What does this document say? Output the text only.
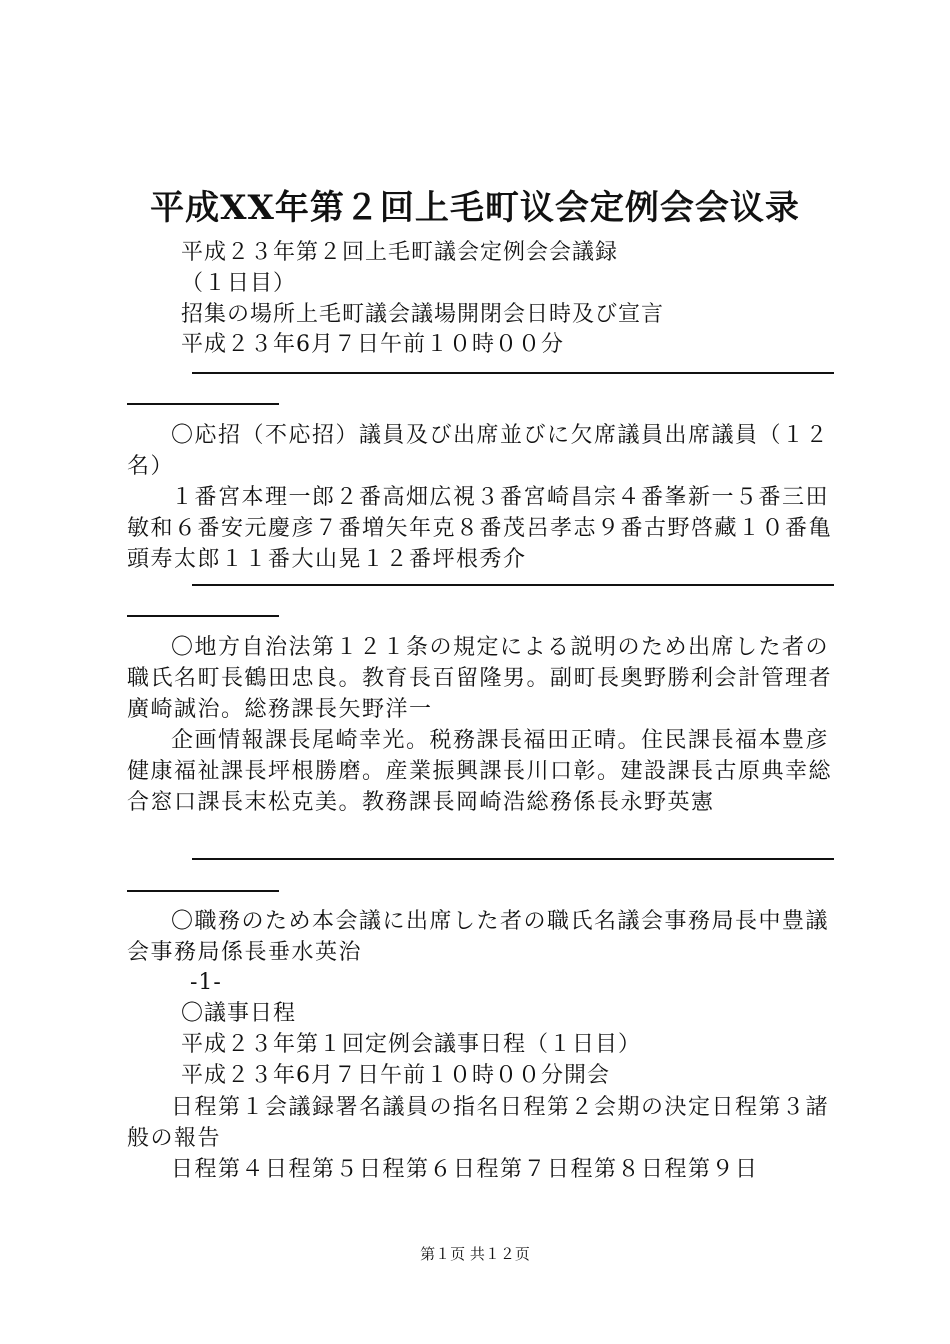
平成XX年第２回上毛町议会定例会会议录
平成２３年第２回上毛町議会定例会会議録
（１日目）
招集の場所上毛町議会議場開閉会日時及び宣言
平成２３年6月７日午前１０時００分
〇応招（不応招）議員及び出席並びに欠席議員出席議員（１２名）
１番宮本理一郎２番高畑広視３番宮崎昌宗４番峯新一５番三田敏和６番安元慶彦７番増矢年克８番茂呂孝志９番古野啓藏１０番亀頭寿太郎１１番大山晃１２番坪根秀介
〇地方自治法第１２１条の規定による説明のため出席した者の職氏名町長鶴田忠良。教育長百留隆男。副町長奥野勝利会計管理者廣崎誠治。総務課長矢野洋一
企画情報課長尾崎幸光。税務課長福田正晴。住民課長福本豊彦健康福祉課長坪根勝磨。産業振興課長川口彰。建設課長古原典幸総合窓口課長末松克美。教務課長岡崎浩総務係長永野英憲
〇職務のため本会議に出席した者の職氏名議会事務局長中豊議会事務局係長垂水英治
-1-
〇議事日程
平成２３年第１回定例会議事日程（１日目）
平成２３年6月７日午前１０時００分開会
日程第１会議録署名議員の指名日程第２会期の決定日程第３諸般の報告
日程第４日程第５日程第６日程第７日程第８日程第９日
第１页 共１２页
